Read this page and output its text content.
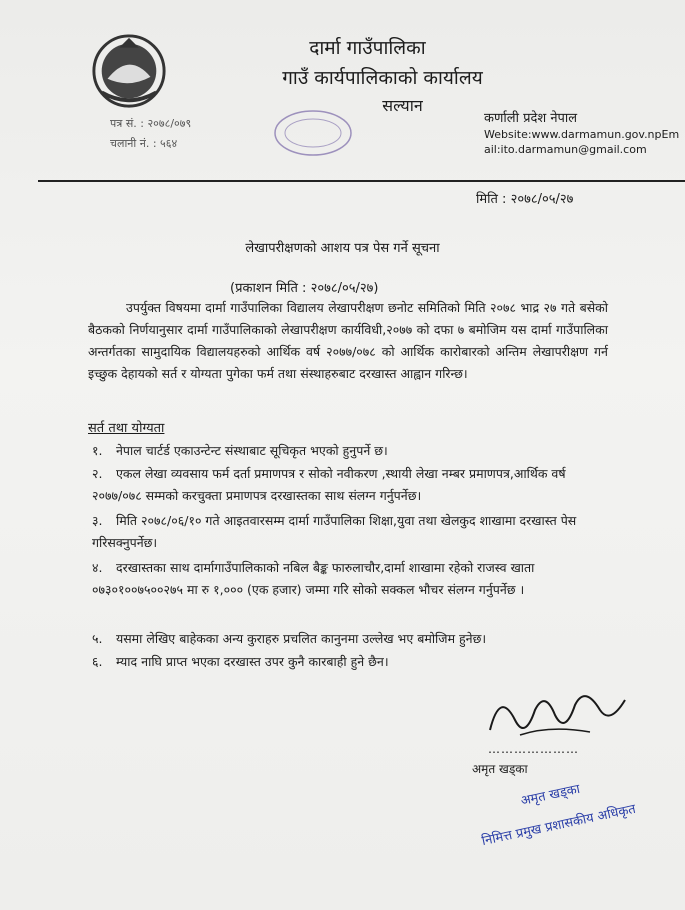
दार्मा गाउँपालिका
गाउँ कार्यपालिकाको कार्यालय
सल्यान
पत्र सं. : २०७८/०७९
चलानी नं. : ५६४
कर्णाली प्रदेश नेपाल
Website:www.darmamun.gov.npEm
ail:ito.darmamun@gmail.com
मिति : २०७८/०५/२७
लेखापरीक्षणको आशय पत्र पेस गर्ने सूचना
(प्रकाशन मिति : २०७८/०५/२७)
उपर्युक्त विषयमा दार्मा गाउँपालिका विद्यालय लेखापरीक्षण छनोट समितिको मिति २०७८ भाद्र २७ गते बसेको बैठकको निर्णयानुसार दार्मा गाउँपालिकाको लेखापरीक्षण कार्यविधी,२०७७ को दफा ७ बमोजिम यस दार्मा गाउँपालिका अन्तर्गतका सामुदायिक विद्यालयहरुको आर्थिक वर्ष २०७७/०७८ को आर्थिक कारोबारको अन्तिम लेखापरीक्षण गर्न इच्छुक देहायको सर्त र योग्यता पुगेका फर्म तथा संस्थाहरुबाट दरखास्त आह्वान गरिन्छ।
सर्त तथा योग्यता
१. नेपाल चार्टर्ड एकाउन्टेन्ट संस्थाबाट सूचिकृत भएको हुनुपर्ने छ।
२. एकल लेखा व्यवसाय फर्म दर्ता प्रमाणपत्र र सोको नवीकरण ,स्थायी लेखा नम्बर प्रमाणपत्र,आर्थिक वर्ष २०७७/०७८ सम्मको करचुक्ता प्रमाणपत्र दरखास्तका साथ संलग्न गर्नुपर्नेछ।
३. मिति २०७८/०६/१० गते आइतवारसम्म दार्मा गाउँपालिका शिक्षा,युवा तथा खेलकुद शाखामा दरखास्त पेस गरिसक्नुपर्नेछ।
४. दरखास्तका साथ दार्मागाउँपालिकाको नबिल बैङ्क फारुलाचौर,दार्मा शाखामा रहेको राजस्व खाता ०७३०१००७५००२७५ मा रु १,००० (एक हजार) जम्मा गरि सोको सक्कल भौचर संलग्न गर्नुपर्नेछ ।
५. यसमा लेखिए बाहेकका अन्य कुराहरु प्रचलित कानुनमा उल्लेख भए बमोजिम हुनेछ।
६. म्याद नाघि प्राप्त भएका दरखास्त उपर कुनै कारबाही हुने छैन।
…………………
अमृत खड्का
अमृत खड्का
निमित्त प्रमुख प्रशासकीय अधिकृत
